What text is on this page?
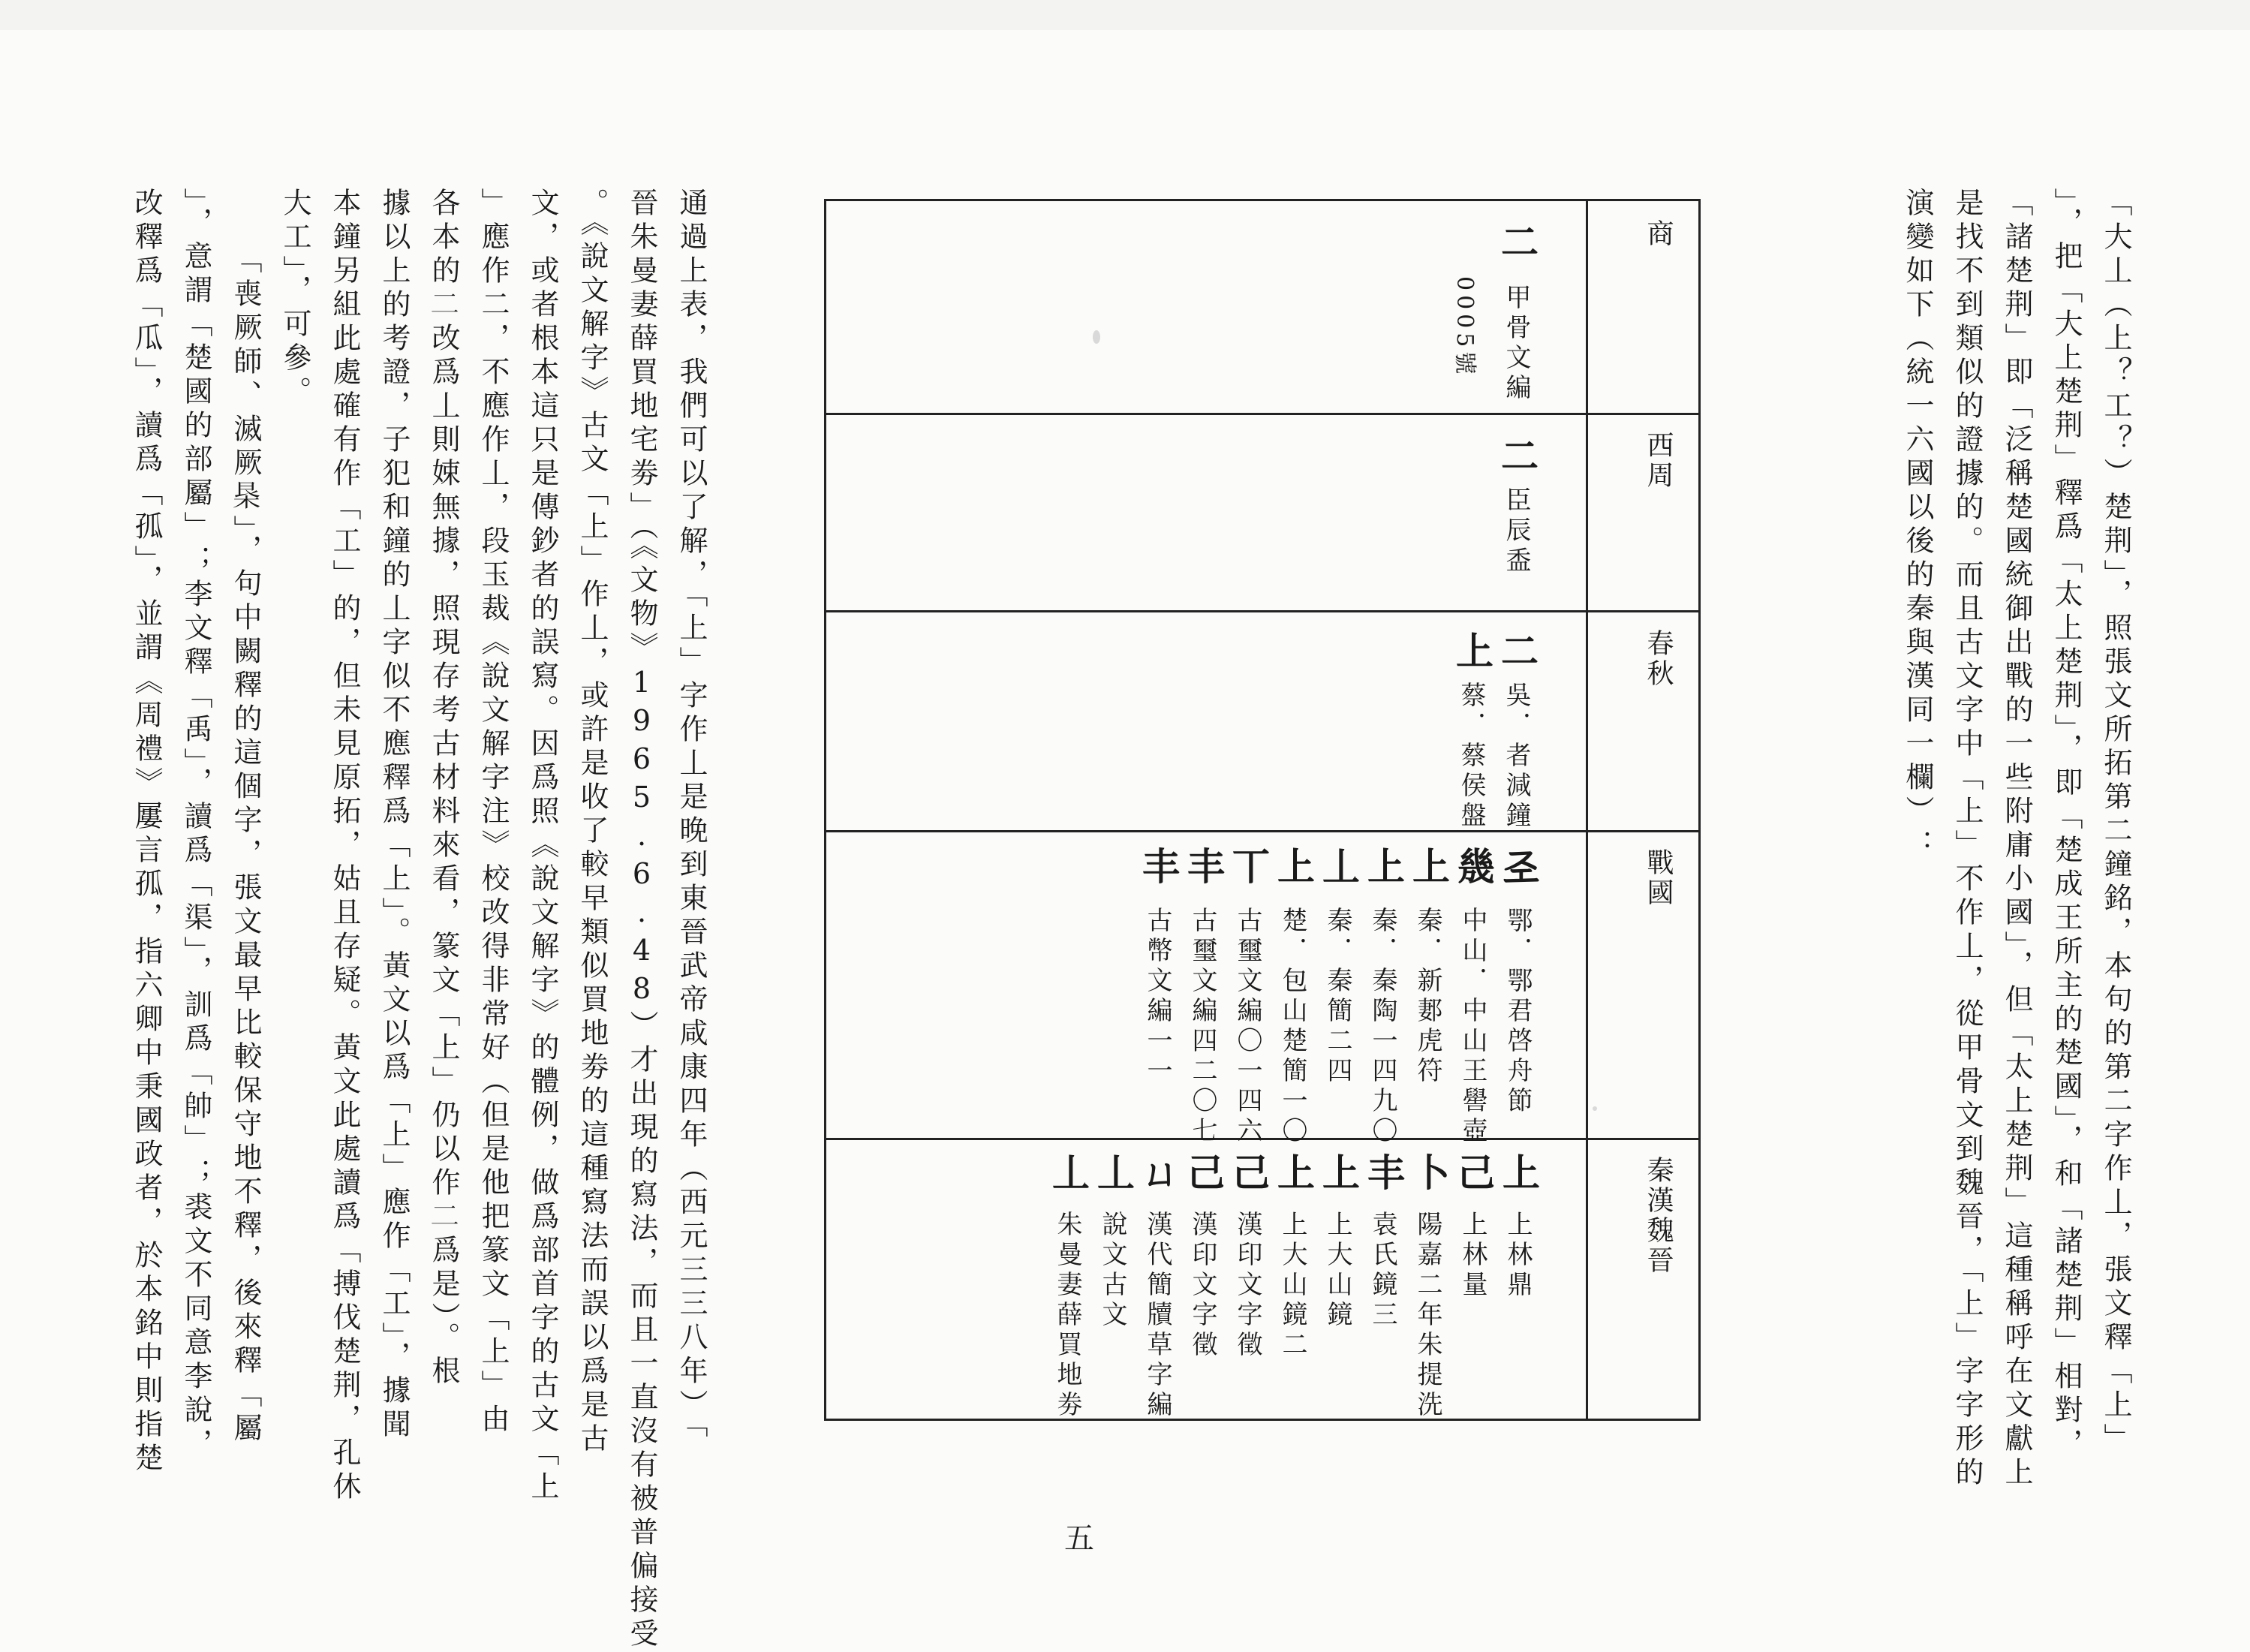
「大丄（上？工？）楚荆」，照張文所拓第二鐘銘，本句的第二字作丄，張文釋「上」
」，把「大上楚荆」釋爲「太上楚荆」，即「楚成王所主的楚國」，和「諸楚荆」相對，
「諸楚荆」即「泛稱楚國統御出戰的一些附庸小國」，但「太上楚荆」這種稱呼在文獻上
是找不到類似的證據的。而且古文字中「上」不作丄，從甲骨文到魏晉，「上」字字形的
演變如下（統一六國以後的秦與漢同一欄）：
商
西周
春秋
戰國
秦漢魏晉
二
甲骨文編
0005號
二
臣辰盉
二
吳．者減鐘
上
蔡．蔡侯盤
𢀖
鄂．鄂君啓舟節
㡬
中山．中山王嚳壺
上
秦．新郪虎符
上
秦．秦陶一四九〇
丄
秦．秦簡二四
上
楚．包山楚簡一〇
丅
古璽文編〇一四六
丰
古璽文編四二〇七
丰
古幣文編一一
上
上林鼎
己
上林量
卜
陽嘉二年朱提洗
丰
袁氏鏡三
上
上大山鏡
上
上大山鏡二
己
漢印文字徵
己
漢印文字徵
ㄩ
漢代簡牘草字編
丄
說文古文
丄
朱曼妻薛買地劵
通過上表，我們可以了解，「上」字作丄是晚到東晉武帝咸康四年（西元三三八年）「
晉朱曼妻薛買地宅劵」（《文物》1965.6.48）才出現的寫法，而且一直沒有被普偏接受
。《說文解字》古文「上」作丄，或許是收了較早類似買地劵的這種寫法而誤以爲是古
文，或者根本這只是傳鈔者的誤寫。因爲照《說文解字》的體例，做爲部首字的古文「上
」應作二，不應作丄，段玉裁《說文解字注》校改得非常好（但是他把篆文「上」由
各本的𠄞改爲丄則娕無據，照現存考古材料來看，篆文「上」仍以作𠄞爲是）。根
據以上的考證，子犯和鐘的丄字似不應釋爲「上」。黃文以爲「上」應作「工」，據聞
本鐘另組此處確有作「工」的，但未見原拓，姑且存疑。黃文此處讀爲「搏伐楚荆，孔休
大工」，可參。
「喪厥師、滅厥𣐻」，句中闕釋的這個字，張文最早比較保守地不釋，後來釋「屬
」，意謂「楚國的部屬」；李文釋「禹」，讀爲「渠」，訓爲「帥」；裘文不同意李說，
改釋爲「瓜」，讀爲「孤」，並謂《周禮》屢言孤，指六卿中秉國政者，於本銘中則指楚
五
